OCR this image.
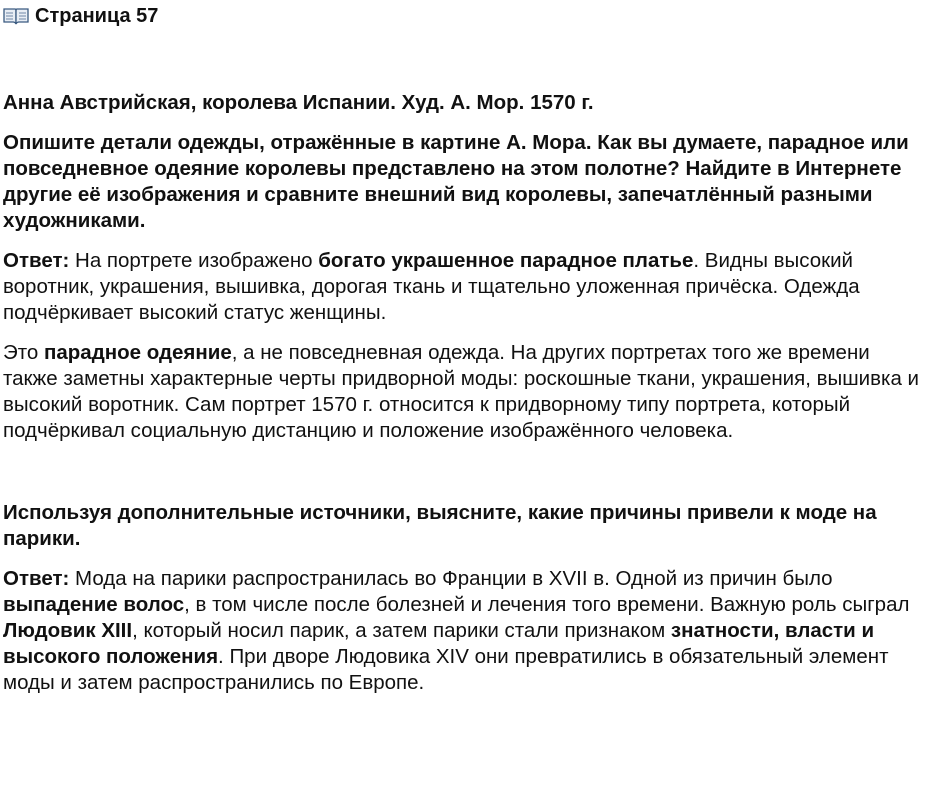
Страница 57

Анна Австрийская, королева Испании. Худ. А. Мор. 1570 г.

Опишите детали одежды, отражённые в картине А. Мора. Как вы думаете, парадное или повседневное одеяние королевы представлено на этом полотне? Найдите в Интернете другие её изображения и сравните внешний вид королевы, запечатлённый разными художниками.

Ответ: На портрете изображено богато украшенное парадное платье. Видны высокий воротник, украшения, вышивка, дорогая ткань и тщательно уложенная причёска. Одежда подчёркивает высокий статус женщины.

Это парадное одеяние, а не повседневная одежда. На других портретах того же времени также заметны характерные черты придворной моды: роскошные ткани, украшения, вышивка и высокий воротник. Сам портрет 1570 г. относится к придворному типу портрета, который подчёркивал социальную дистанцию и положение изображённого человека.

Используя дополнительные источники, выясните, какие причины привели к моде на парики.

Ответ: Мода на парики распространилась во Франции в XVII в. Одной из причин было выпадение волос, в том числе после болезней и лечения того времени. Важную роль сыграл Людовик XIII, который носил парик, а затем парики стали признаком знатности, власти и высокого положения. При дворе Людовика XIV они превратились в обязательный элемент моды и затем распространились по Европе.
